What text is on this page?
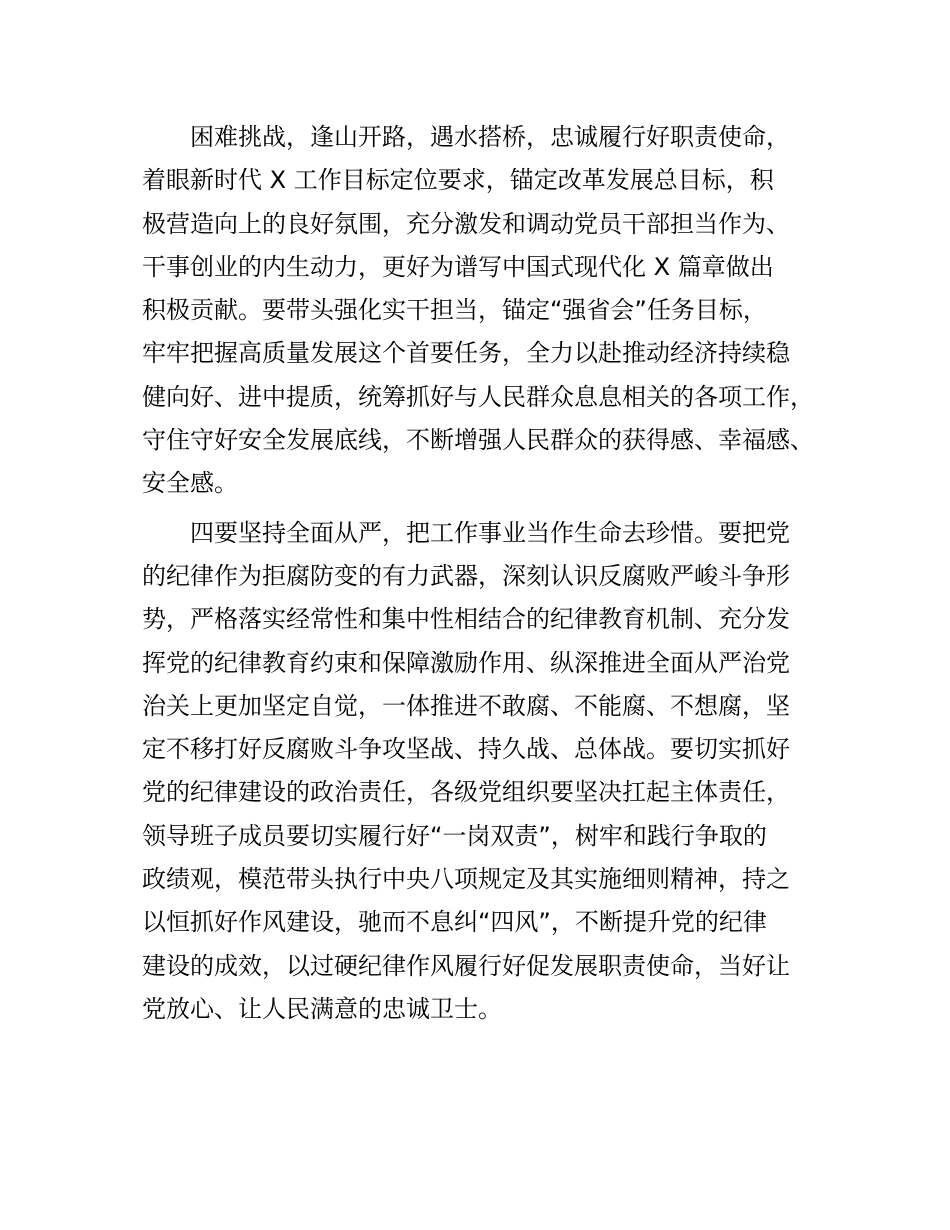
困难挑战，逢山开路，遇水搭桥，忠诚履行好职责使命，
着眼新时代 X 工作目标定位要求，锚定改革发展总目标，积
极营造向上的良好氛围，充分激发和调动党员干部担当作为、
干事创业的内生动力，更好为谱写中国式现代化 X 篇章做出
积极贡献。要带头强化实干担当，锚定“强省会”任务目标，
牢牢把握高质量发展这个首要任务，全力以赴推动经济持续稳
健向好、进中提质，统筹抓好与人民群众息息相关的各项工作，
守住守好安全发展底线，不断增强人民群众的获得感、幸福感、
安全感。

四要坚持全面从严，把工作事业当作生命去珍惜。要把党
的纪律作为拒腐防变的有力武器，深刻认识反腐败严峻斗争形
势，严格落实经常性和集中性相结合的纪律教育机制、充分发
挥党的纪律教育约束和保障激励作用、纵深推进全面从严治党
治关上更加坚定自觉，一体推进不敢腐、不能腐、不想腐，坚
定不移打好反腐败斗争攻坚战、持久战、总体战。要切实抓好
党的纪律建设的政治责任，各级党组织要坚决扛起主体责任，
领导班子成员要切实履行好“一岗双责”，树牢和践行争取的
政绩观，模范带头执行中央八项规定及其实施细则精神，持之
以恒抓好作风建设，驰而不息纠“四风”，不断提升党的纪律
建设的成效，以过硬纪律作风履行好促发展职责使命，当好让
党放心、让人民满意的忠诚卫士。
